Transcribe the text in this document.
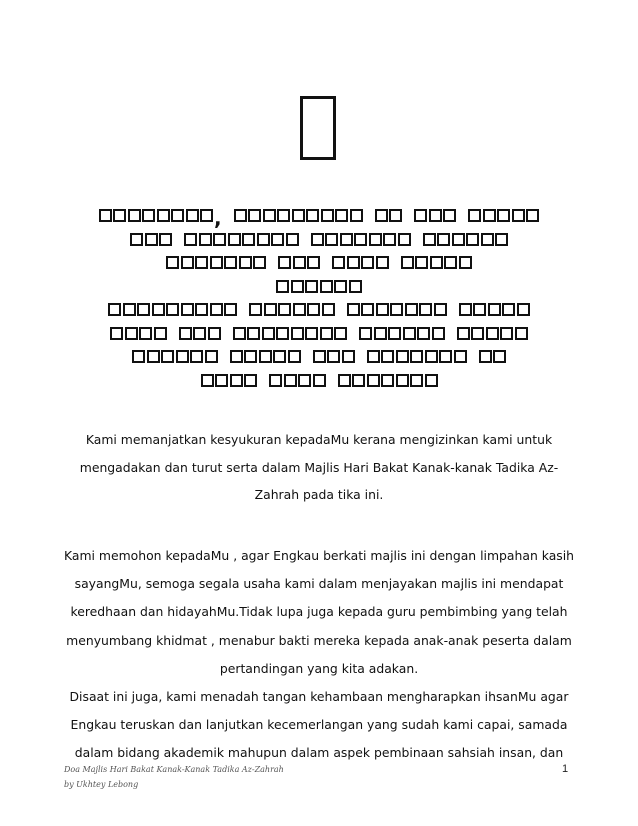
,
Kami memanjatkan kesyukuran kepadaMu kerana mengizinkan kami untuk
mengadakan dan turut serta dalam Majlis Hari Bakat Kanak-kanak Tadika Az-
Zahrah pada tika ini.
Kami memohon kepadaMu , agar Engkau berkati majlis ini dengan limpahan kasih
sayangMu, semoga segala usaha kami dalam menjayakan majlis ini mendapat
keredhaan dan hidayahMu.Tidak lupa juga kepada guru pembimbing yang telah
menyumbang khidmat , menabur bakti mereka kepada anak-anak peserta dalam
pertandingan yang kita adakan.
Disaat ini juga, kami menadah tangan kehambaan mengharapkan ihsanMu agar
Engkau teruskan dan lanjutkan kecemerlangan yang sudah kami capai, samada
dalam bidang akademik mahupun dalam aspek pembinaan sahsiah insan, dan
Doa Majlis Hari Bakat Kanak-Kanak Tadika Az-Zahrah
by Ukhtey Lebong
1
